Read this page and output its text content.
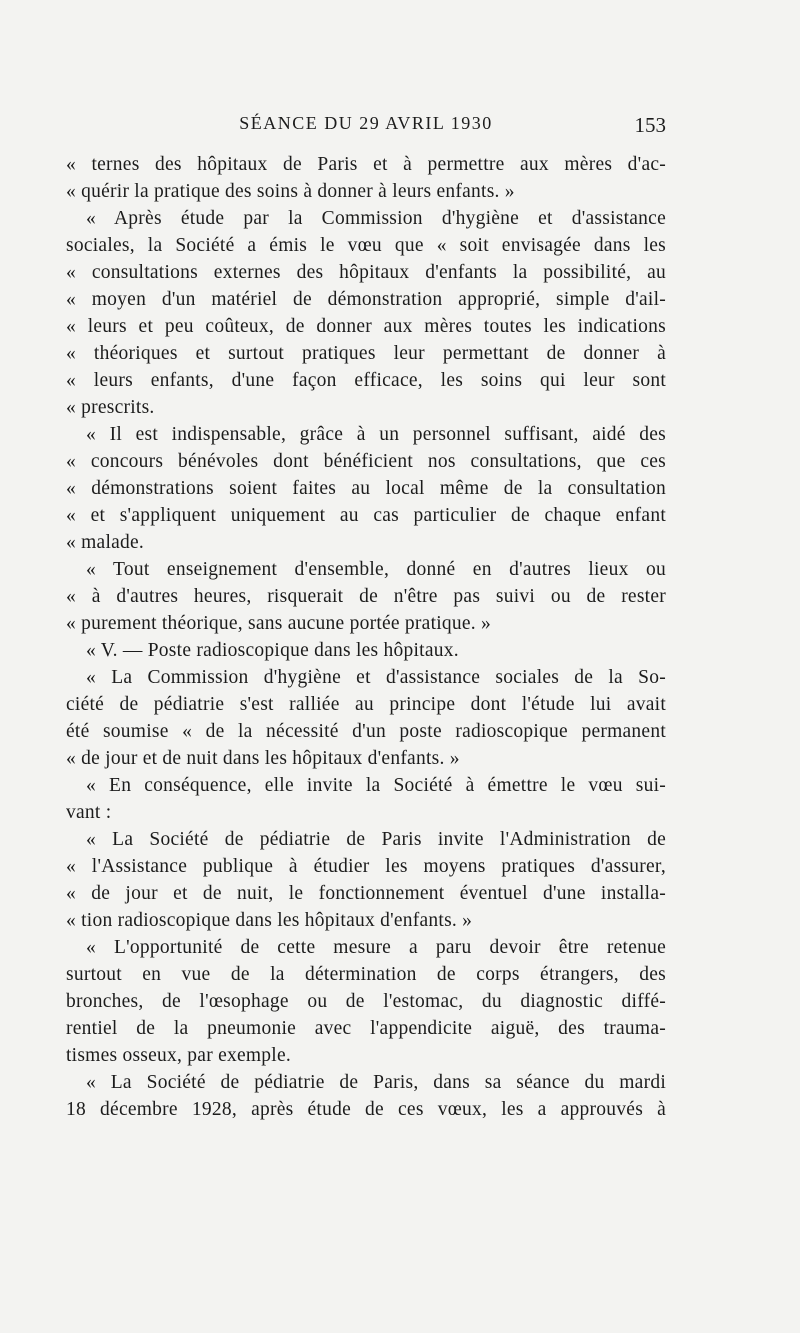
SÉANCE DU 29 AVRIL 1930	153
« ternes des hôpitaux de Paris et à permettre aux mères d'ac-
« quérir la pratique des soins à donner à leurs enfants. »
« Après étude par la Commission d'hygiène et d'assistance
sociales, la Société a émis le vœu que « soit envisagée dans les
« consultations externes des hôpitaux d'enfants la possibilité, au
« moyen d'un matériel de démonstration approprié, simple d'ail-
« leurs et peu coûteux, de donner aux mères toutes les indications
« théoriques et surtout pratiques leur permettant de donner à
« leurs enfants, d'une façon efficace, les soins qui leur sont
« prescrits.
« Il est indispensable, grâce à un personnel suffisant, aidé des
« concours bénévoles dont bénéficient nos consultations, que ces
« démonstrations soient faites au local même de la consultation
« et s'appliquent uniquement au cas particulier de chaque enfant
« malade.
« Tout enseignement d'ensemble, donné en d'autres lieux ou
« à d'autres heures, risquerait de n'être pas suivi ou de rester
« purement théorique, sans aucune portée pratique. »
« V. — Poste radioscopique dans les hôpitaux.
« La Commission d'hygiène et d'assistance sociales de la So-
ciété de pédiatrie s'est ralliée au principe dont l'étude lui avait
été soumise « de la nécessité d'un poste radioscopique permanent
« de jour et de nuit dans les hôpitaux d'enfants. »
« En conséquence, elle invite la Société à émettre le vœu sui-
vant :
« La Société de pédiatrie de Paris invite l'Administration de
« l'Assistance publique à étudier les moyens pratiques d'assurer,
« de jour et de nuit, le fonctionnement éventuel d'une installa-
« tion radioscopique dans les hôpitaux d'enfants. »
« L'opportunité de cette mesure a paru devoir être retenue
surtout en vue de la détermination de corps étrangers, des
bronches, de l'œsophage ou de l'estomac, du diagnostic diffé-
rentiel de la pneumonie avec l'appendicite aiguë, des trauma-
tismes osseux, par exemple.
« La Société de pédiatrie de Paris, dans sa séance du mardi
18 décembre 1928, après étude de ces vœux, les a approuvés à
